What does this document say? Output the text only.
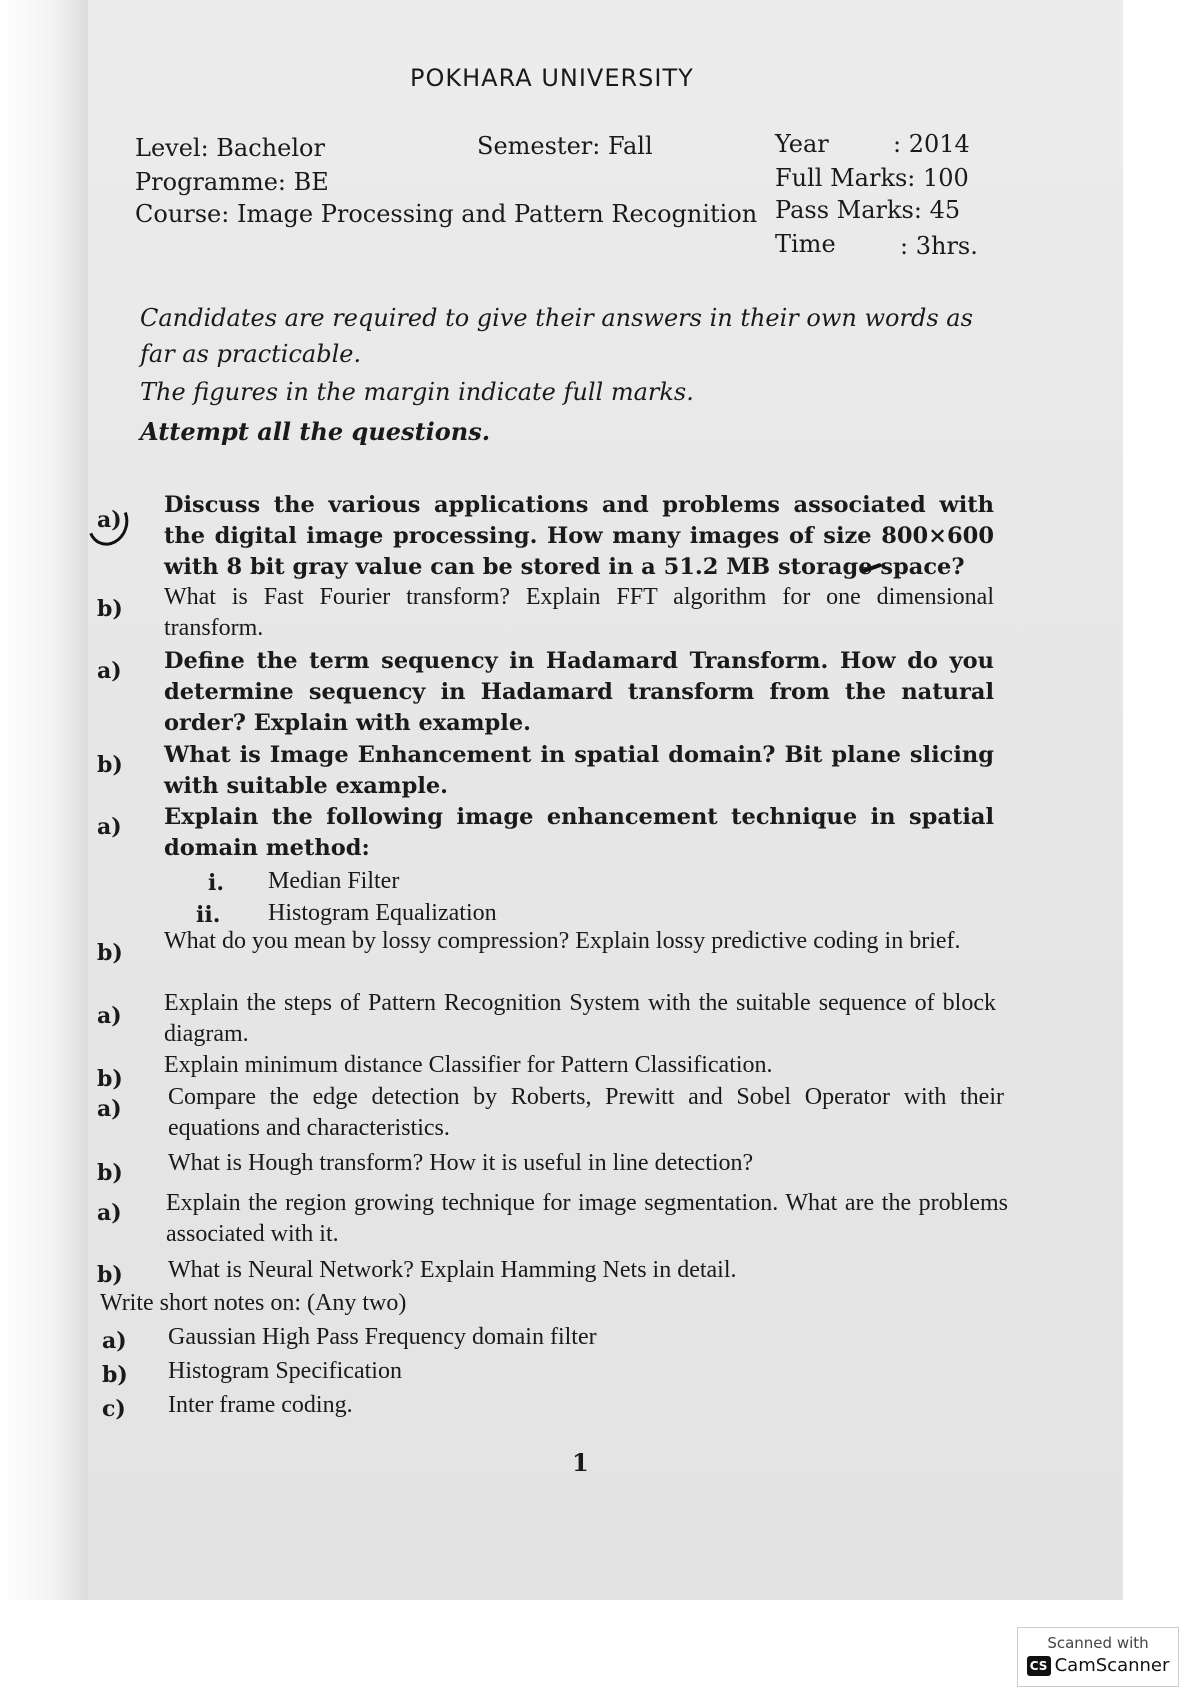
POKHARA UNIVERSITY
Level: Bachelor	Semester: Fall
Programme: BE
Course: Image Processing and Pattern Recognition
Year	: 2014
Full Marks: 100
Pass Marks: 45
Time	: 3hrs.
Candidates are required to give their answers in their own words as far as practicable.
The figures in the margin indicate full marks.
Attempt all the questions.
a)
Discuss the various applications and problems associated with the digital image processing. How many images of size 800×600 with 8 bit gray value can be stored in a 51.2 MB storage space?
b) What is Fast Fourier transform? Explain FFT algorithm for one dimensional transform.
a) Define the term sequency in Hadamard Transform. How do you determine sequency in Hadamard transform from the natural order? Explain with example.
b) What is Image Enhancement in spatial domain? Bit plane slicing with suitable example.
a) Explain the following image enhancement technique in spatial domain method:
i. Median Filter
ii. Histogram Equalization
b) What do you mean by lossy compression? Explain lossy predictive coding in brief.
a) Explain the steps of Pattern Recognition System with the suitable sequence of block diagram.
b)
Explain minimum distance Classifier for Pattern Classification.
a) Compare the edge detection by Roberts, Prewitt and Sobel Operator with their equations and characteristics.
b) What is Hough transform? How it is useful in line detection?
a) Explain the region growing technique for image segmentation. What are the problems associated with it.
b) What is Neural Network? Explain Hamming Nets in detail.
Write short notes on: (Any two)
a) Gaussian High Pass Frequency domain filter
b) Histogram Specification
c) Inter frame coding.
1
Scanned with
CS CamScanner
